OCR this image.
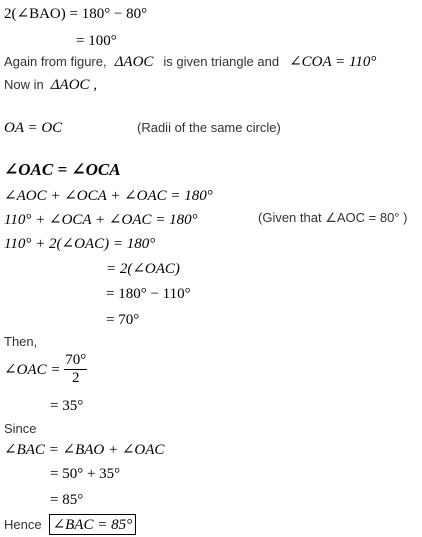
2(∠BAO) = 180° − 80°
= 100°
Again from figure, ΔAOC is given triangle and ∠COA = 110°
Now in ΔAOC ,
OA = OC	(Radii of the same circle)
∠OAC = ∠OCA
∠AOC + ∠OCA + ∠OAC = 180°
110° + ∠OCA + ∠OAC = 180°	(Given that ∠AOC = 80° )
110° + 2(∠OAC) = 180°
= 2(∠OAC)
= 180° − 110°
= 70°
Then,
∠OAC = $\frac{70^\circ}{2}$
= 35°
Since
∠BAC = ∠BAO + ∠OAC
= 50° + 35°
= 85°
Hence ∠BAC = 85°
